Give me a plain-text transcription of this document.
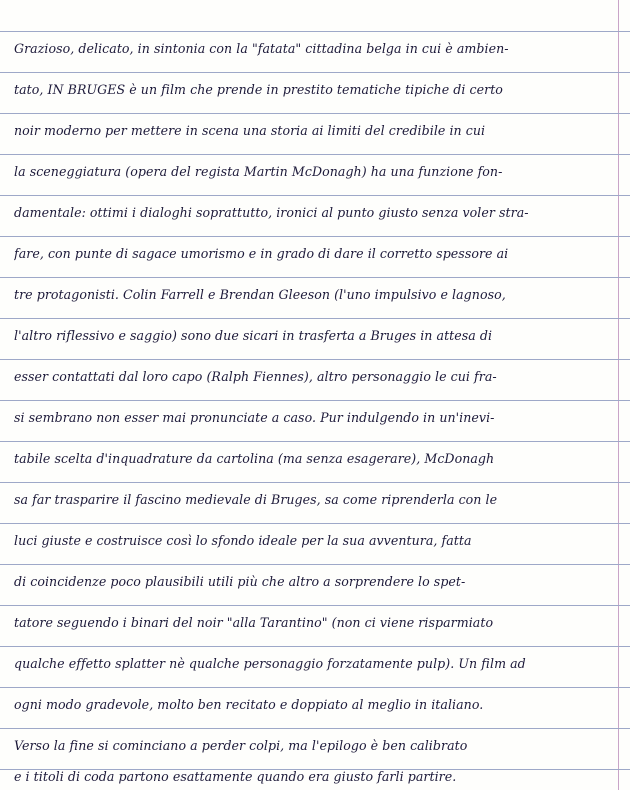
Grazioso, delicato, in sintonia con la "fatata" cittadina belga in cui è ambien-
tato, IN BRUGES è un film che prende in prestito tematiche tipiche di certo
noir moderno per mettere in scena una storia ai limiti del credibile in cui
la sceneggiatura (opera del regista Martin McDonagh) ha una funzione fon-
damentale: ottimi i dialoghi soprattutto, ironici al punto giusto senza voler stra-
fare, con punte di sagace umorismo e in grado di dare il corretto spessore ai
tre protagonisti. Colin Farrell e Brendan Gleeson (l'uno impulsivo e lagnoso,
l'altro riflessivo e saggio) sono due sicari in trasferta a Bruges in attesa di
esser contattati dal loro capo (Ralph Fiennes), altro personaggio le cui fra-
si sembrano non esser mai pronunciate a caso. Pur indulgendo in un'inevi-
tabile scelta d'inquadrature da cartolina (ma senza esagerare), McDonagh
sa far trasparire il fascino medievale di Bruges, sa come riprenderla con le
luci giuste e costruisce così lo sfondo ideale per la sua avventura, fatta
di coincidenze poco plausibili utili più che altro a sorprendere lo spet-
tatore seguendo i binari del noir "alla Tarantino" (non ci viene risparmiato
qualche effetto splatter nè qualche personaggio forzatamente pulp). Un film ad
ogni modo gradevole, molto ben recitato e doppiato al meglio in italiano.
Verso la fine si cominciano a perder colpi, ma l'epilogo è ben calibrato
e i titoli di coda partono esattamente quando era giusto farli partire.
